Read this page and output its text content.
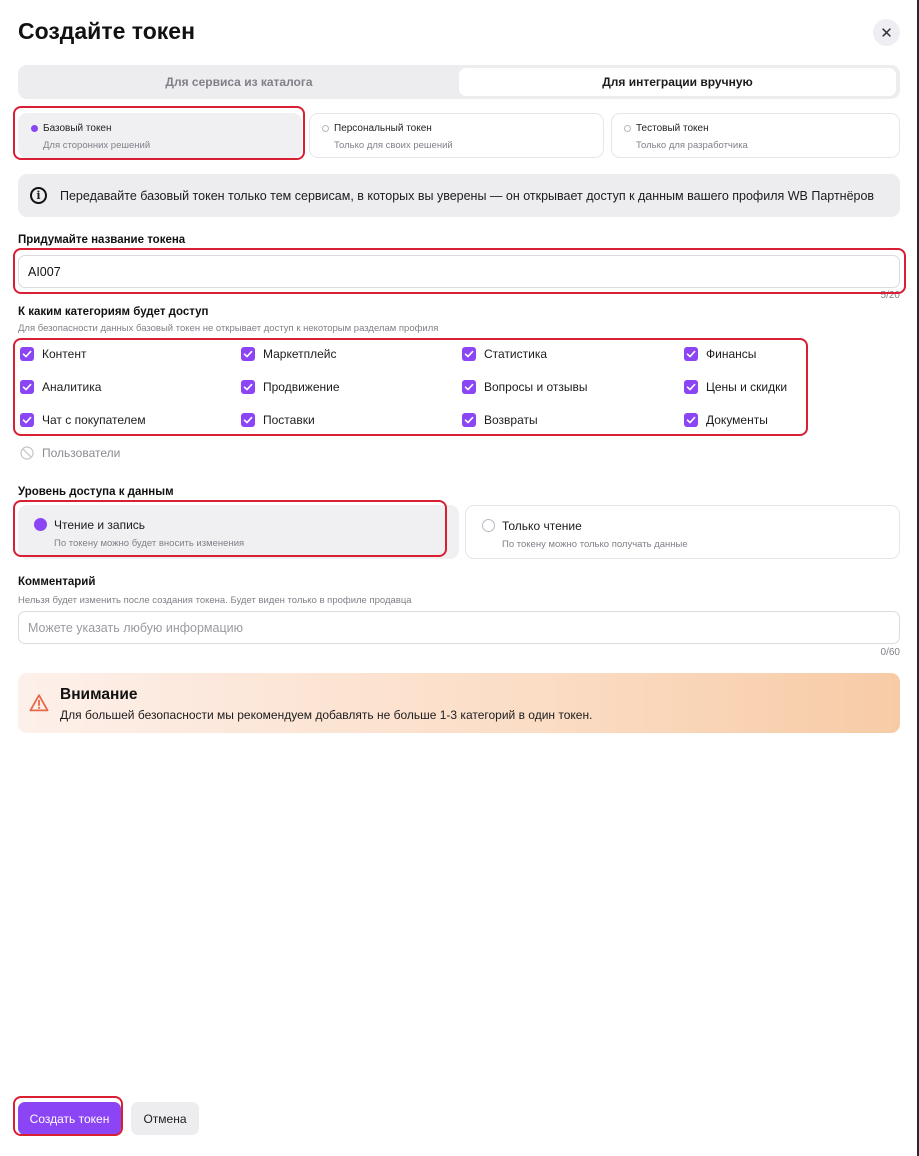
Создайте токен	✕
Для сервиса из каталога	Для интеграции вручную
Базовый токен
Для сторонних решений
Персональный токен
Только для своих решений
Тестовый токен
Только для разработчика
i	Передавайте базовый токен только тем сервисам, в которых вы уверены — он открывает доступ к данным вашего профиля WB Партнёров
Придумайте название токена
AI007
5/20
К каким категориям будет доступ
Для безопасности данных базовый токен не открывает доступ к некоторым разделам профиля
Контент	Маркетплейс	Статистика	Финансы
Аналитика	Продвижение	Вопросы и отзывы	Цены и скидки
Чат с покупателем	Поставки	Возвраты	Документы
Пользователи
Уровень доступа к данным
Чтение и запись
По токену можно будет вносить изменения
Только чтение
По токену можно только получать данные
Комментарий
Нельзя будет изменить после создания токена. Будет виден только в профиле продавца
Можете указать любую информацию
0/60
Внимание
Для большей безопасности мы рекомендуем добавлять не больше 1-3 категорий в один токен.
Создать токен	Отмена
